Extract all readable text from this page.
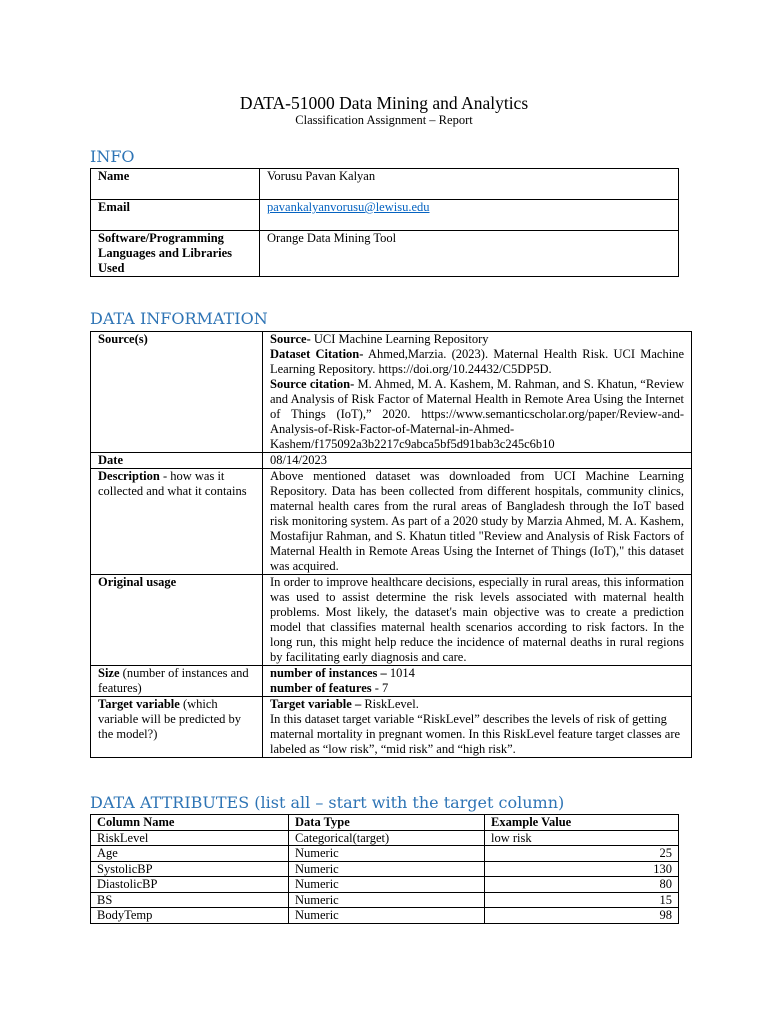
DATA-51000 Data Mining and Analytics
Classification Assignment – Report
INFO
Name	Vorusu Pavan Kalyan
Email	pavankalyanvorusu@lewisu.edu
Software/Programming Languages and Libraries Used	Orange Data Mining Tool
DATA INFORMATION
Source(s)	Source- UCI Machine Learning Repository

Dataset Citation- Ahmed,Marzia. (2023). Maternal Health Risk. UCI Machine Learning Repository. https://doi.org/10.24432/C5DP5D.

Source citation- M. Ahmed, M. A. Kashem, M. Rahman, and S. Khatun, “Review and Analysis of Risk Factor of Maternal Health in Remote Area Using the Internet of Things (IoT),” 2020. https://www.semanticscholar.org/paper/Review-and-Analysis-of-Risk-Factor-of-Maternal-in-Ahmed-Kashem/f175092a3b2217c9abca5bf5d91bab3c245c6b10

Date	08/14/2023
Description - how was it collected and what it contains	Above mentioned dataset was downloaded from UCI Machine Learning Repository. Data has been collected from different hospitals, community clinics, maternal health cares from the rural areas of Bangladesh through the IoT based risk monitoring system. As part of a 2020 study by Marzia Ahmed, M. A. Kashem, Mostafijur Rahman, and S. Khatun titled "Review and Analysis of Risk Factors of Maternal Health in Remote Areas Using the Internet of Things (IoT)," this dataset was acquired.

Original usage	In order to improve healthcare decisions, especially in rural areas, this information was used to assist determine the risk levels associated with maternal health problems. Most likely, the dataset's main objective was to create a prediction model that classifies maternal health scenarios according to risk factors. In the long run, this might help reduce the incidence of maternal deaths in rural regions by facilitating early diagnosis and care.

Size (number of instances and features)	number of instances – 1014

number of features - 7

Target variable (which variable will be predicted by the model?)	Target variable – RiskLevel.

In this dataset target variable “RiskLevel” describes the levels of risk of getting maternal mortality in pregnant women. In this RiskLevel feature target classes are labeled as “low risk”, “mid risk” and “high risk”.

DATA ATTRIBUTES (list all – start with the target column)
Column Name	Data Type	Example Value
RiskLevel	Categorical(target)	low risk
Age	Numeric	25
SystolicBP	Numeric	130
DiastolicBP	Numeric	80
BS	Numeric	15
BodyTemp	Numeric	98
